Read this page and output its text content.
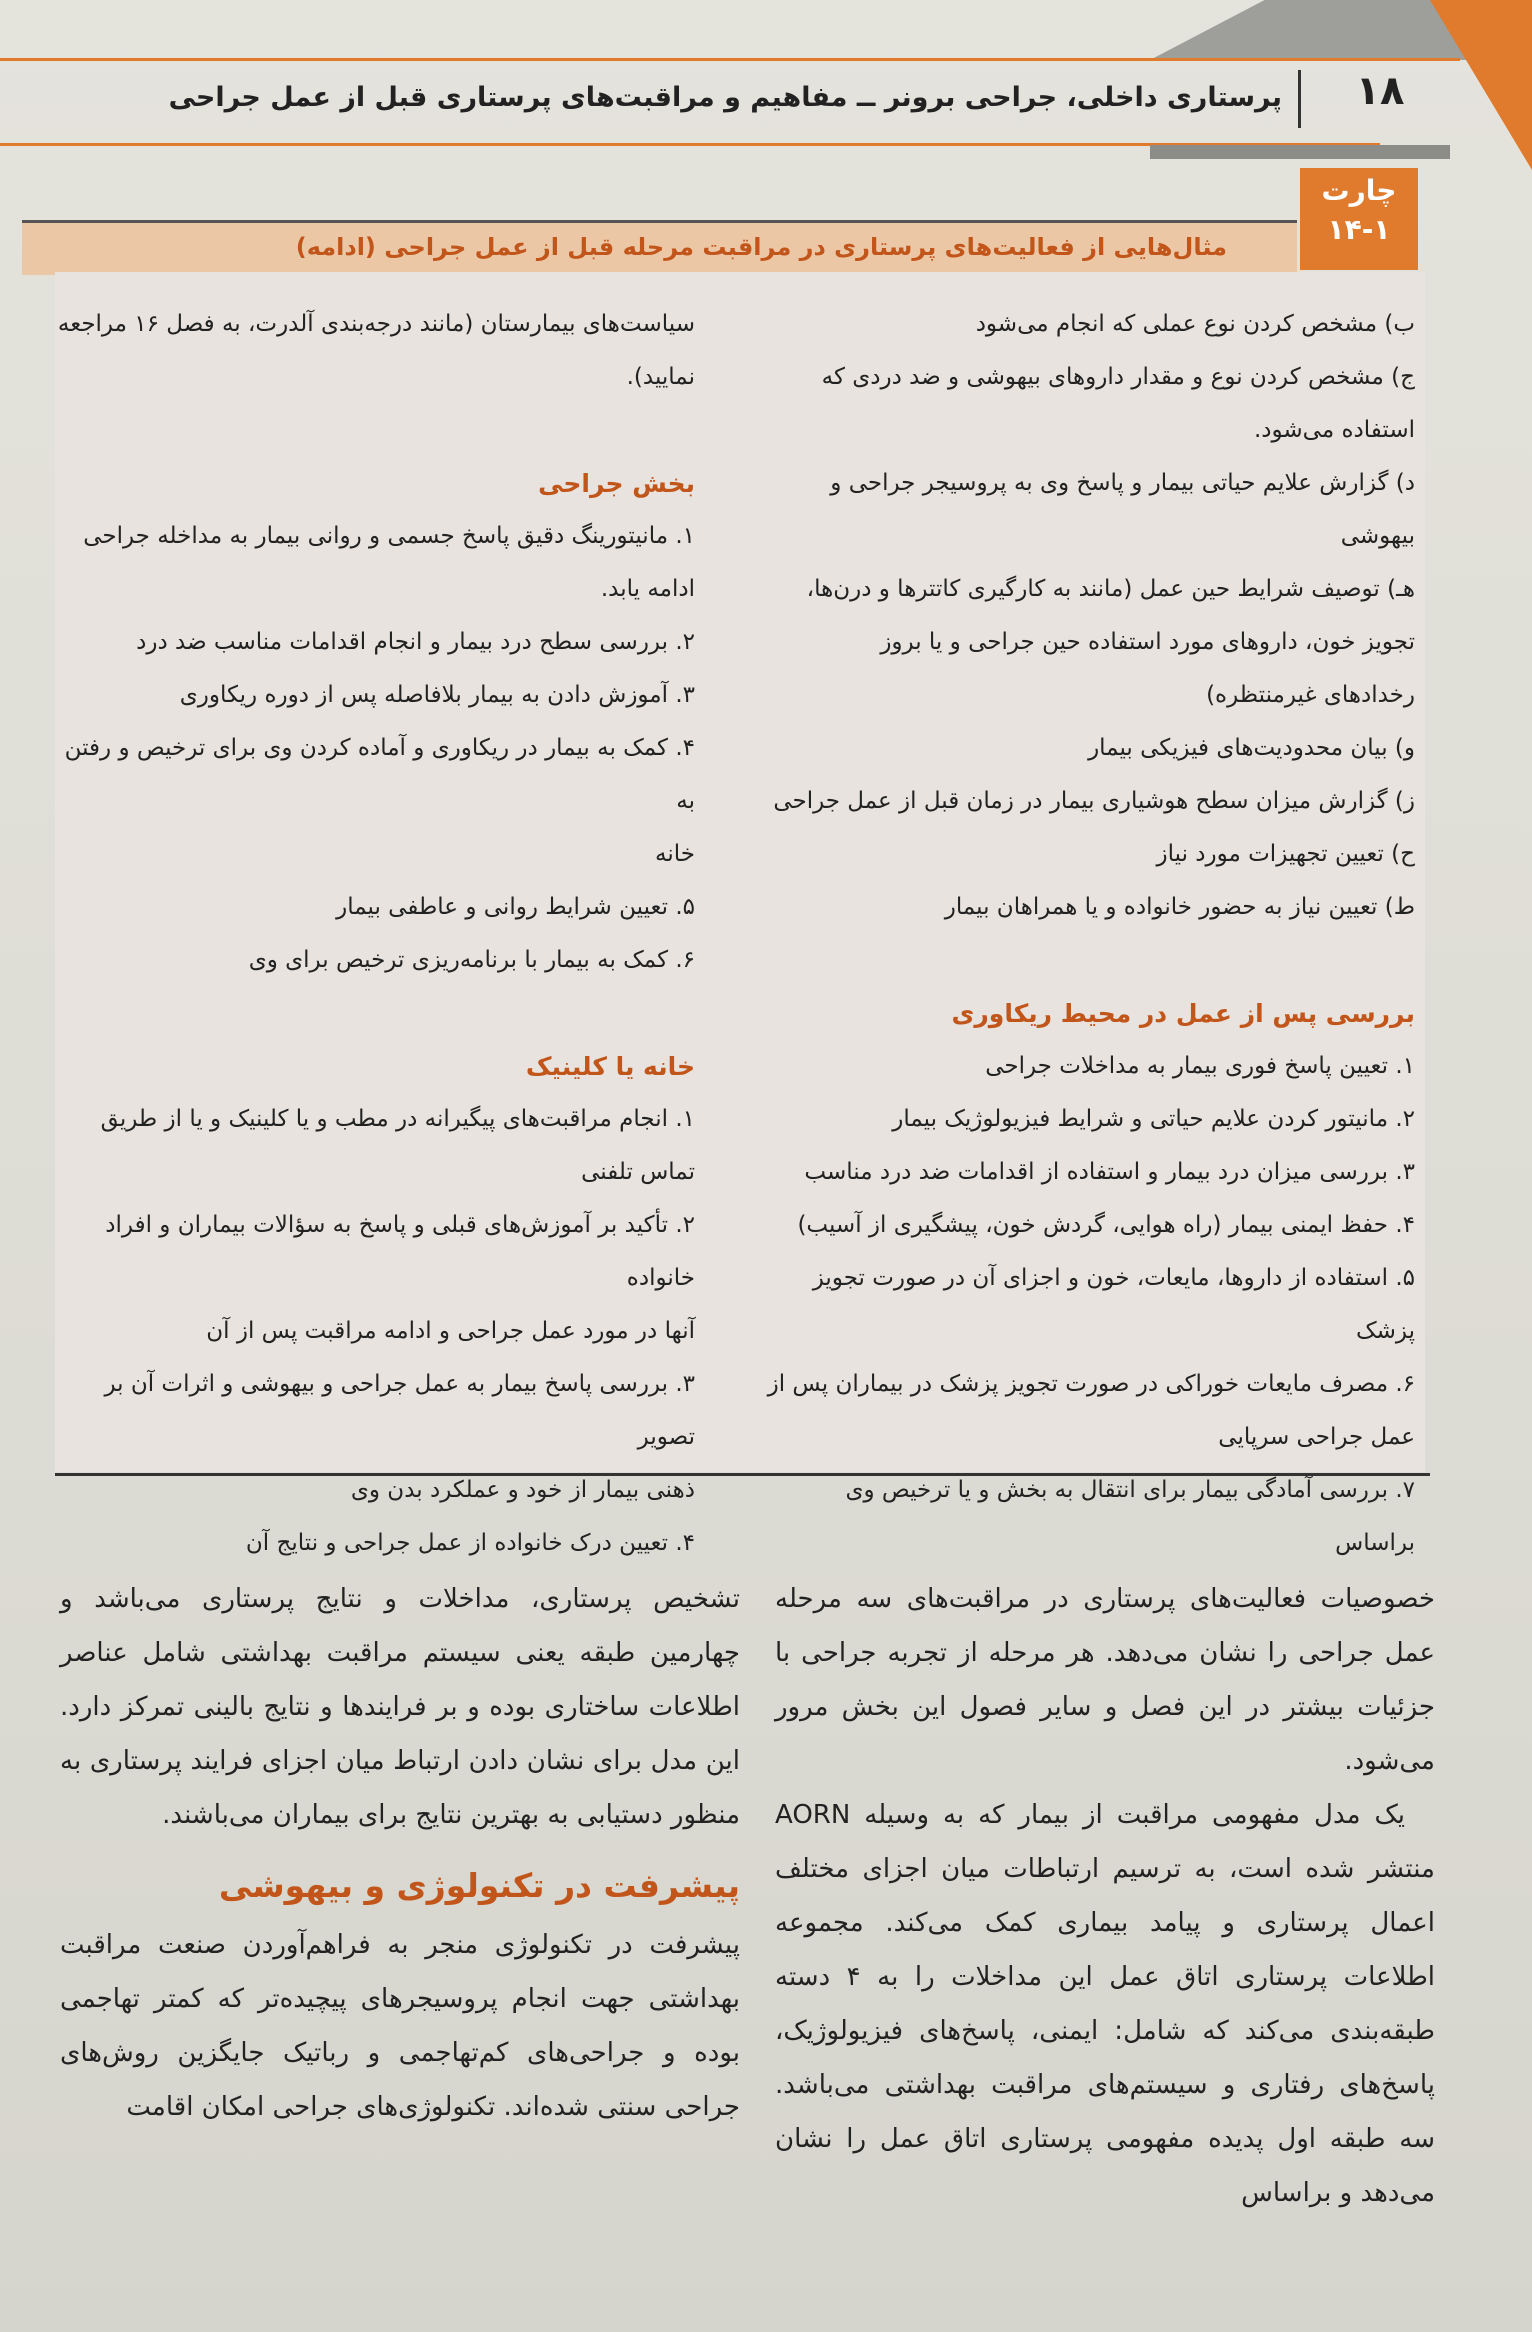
۱۸
پرستاری داخلی، جراحی برونر ــ مفاهیم و مراقبت‌های پرستاری قبل از عمل جراحی
مثال‌هایی از فعالیت‌های پرستاری در مراقبت مرحله قبل از عمل جراحی (ادامه)
چارت
۱۴-۱

ب) مشخص کردن نوع عملی که انجام می‌شود

ج) مشخص کردن نوع و مقدار داروهای بیهوشی و ضد دردی که

استفاده می‌شود.

د) گزارش علایم حیاتی بیمار و پاسخ وی به پروسیجر جراحی و

بیهوشی

هـ) توصیف شرایط حین عمل (مانند به کارگیری کاتترها و درن‌ها،

تجویز خون، داروهای مورد استفاده حین جراحی و یا بروز

رخدادهای غیرمنتظره)

و) بیان محدودیت‌های فیزیکی بیمار

ز) گزارش میزان سطح هوشیاری بیمار در زمان قبل از عمل جراحی

ح) تعیین تجهیزات مورد نیاز

ط) تعیین نیاز به حضور خانواده و یا همراهان بیمار

بررسی پس از عمل در محیط ریکاوری

۱. تعیین پاسخ فوری بیمار به مداخلات جراحی

۲. مانیتور کردن علایم حیاتی و شرایط فیزیولوژیک بیمار

۳. بررسی میزان درد بیمار و استفاده از اقدامات ضد درد مناسب

۴. حفظ ایمنی بیمار (راه هوایی، گردش خون، پیشگیری از آسیب)

۵. استفاده از داروها، مایعات، خون و اجزای آن در صورت تجویز پزشک

۶. مصرف مایعات خوراکی در صورت تجویز پزشک در بیماران پس از

عمل جراحی سرپایی

۷. بررسی آمادگی بیمار برای انتقال به بخش و یا ترخیص وی براساس

سیاست‌های بیمارستان (مانند درجه‌بندی آلدرت، به فصل ۱۶ مراجعه

نمایید).

بخش جراحی

۱. مانیتورینگ دقیق پاسخ جسمی و روانی بیمار به مداخله جراحی

ادامه یابد.

۲. بررسی سطح درد بیمار و انجام اقدامات مناسب ضد درد

۳. آموزش دادن به بیمار بلافاصله پس از دوره ریکاوری

۴. کمک به بیمار در ریکاوری و آماده کردن وی برای ترخیص و رفتن به

خانه

۵. تعیین شرایط روانی و عاطفی بیمار

۶. کمک به بیمار با برنامه‌ریزی ترخیص برای وی

خانه یا کلینیک

۱. انجام مراقبت‌های پیگیرانه در مطب و یا کلینیک و یا از طریق

تماس تلفنی

۲. تأکید بر آموزش‌های قبلی و پاسخ به سؤالات بیماران و افراد خانواده

آنها در مورد عمل جراحی و ادامه مراقبت پس از آن

۳. بررسی پاسخ بیمار به عمل جراحی و بیهوشی و اثرات آن بر تصویر

ذهنی بیمار از خود و عملکرد بدن وی

۴. تعیین درک خانواده از عمل جراحی و نتایج آن

خصوصیات فعالیت‌های پرستاری در مراقبت‌های سه مرحله عمل جراحی را نشان می‌دهد. هر مرحله از تجربه جراحی با جزئیات بیشتر در این فصل و سایر فصول این بخش مرور می‌شود.

یک مدل مفهومی مراقبت از بیمار که به وسیله AORN منتشر شده است، به ترسیم ارتباطات میان اجزای مختلف اعمال پرستاری و پیامد بیماری کمک می‌کند. مجموعه اطلاعات پرستاری اتاق عمل این مداخلات را به ۴ دسته طبقه‌بندی می‌کند که شامل: ایمنی، پاسخ‌های فیزیولوژیک، پاسخ‌های رفتاری و سیستم‌های مراقبت بهداشتی می‌باشد. سه طبقه اول پدیده مفهومی پرستاری اتاق عمل را نشان می‌دهد و براساس

تشخیص پرستاری، مداخلات و نتایج پرستاری می‌باشد و چهارمین طبقه یعنی سیستم مراقبت بهداشتی شامل عناصر اطلاعات ساختاری بوده و بر فرایندها و نتایج بالینی تمرکز دارد. این مدل برای نشان دادن ارتباط میان اجزای فرایند پرستاری به منظور دستیابی به بهترین نتایج برای بیماران می‌باشند.

پیشرفت در تکنولوژی و بیهوشی

پیشرفت در تکنولوژی منجر به فراهم‌آوردن صنعت مراقبت بهداشتی جهت انجام پروسیجرهای پیچیده‌تر که کمتر تهاجمی بوده و جراحی‌های کم‌تهاجمی و رباتیک جایگزین روش‌های جراحی سنتی شده‌اند. تکنولوژی‌های جراحی امکان اقامت
